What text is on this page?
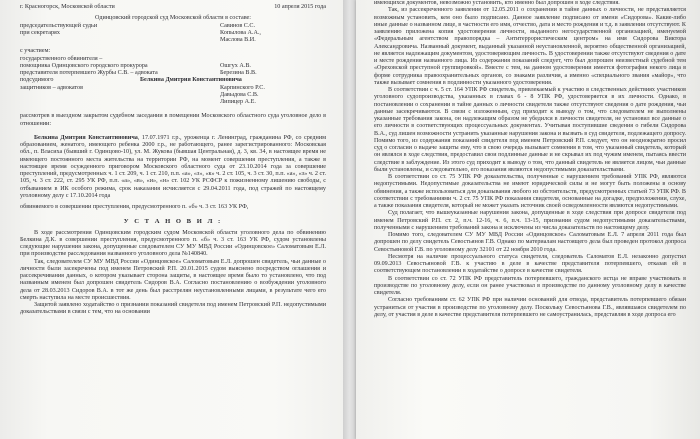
г. Красногорск, Московской области	10 апреля 2015 года
Одинцовский городской суд Московской области в составе:
председательствующей судьи	Савинов С.С.
при секретарях	Копылова А.А.,
Маслова В.И.
с участием:
государственного обвинителя –
помощника Одинцовского городского прокурора	Ошгух А.В.
представителя потерпевшего Журбы С.В. – адвоката	Березина В.В.
подсудимого	Белкина Дмитрия Константиновича
защитников – адвокатов	Карпинского Р.С.
Давыдова С.В.
Липицер А.Е.
рассмотрев в выездном закрытом судебном заседании в помещении Московского областного суда уголовное дело в отношении:
Белкина Дмитрия Константиновича, 17.07.1971 г.р., уроженца г. Ленинград, гражданина РФ, со средним образованием, женатого, имеющего ребенка 2000 г.р., не работающего, ранее зарегистрированного: Московская обл., п. Власиха (бывший г. Одинцово-10), ул. М. Жукова (бывшая Центральная), д. 3, кв. 34, в настоящее время не имеющего постоянного места жительства на территории РФ, на момент совершения преступления, а также в настоящее время осужденного приговором Московского областного суда от 23.10.2014 года за совершение преступлений, предусмотренных ч. 1 ст. 209, ч. 1 ст. 210, п.п. «а», «з», «к» ч. 2 ст. 105, ч. 3 ст. 30, п.п. «а», «з» ч. 2 ст. 105, ч. 3 ст. 222, ст. 295 УК РФ, п.п. «а», «в», «и», «н» ст. 102 УК РСФСР к пожизненному лишению свободы, с отбыванием в ИК особого режима, срок наказания исчисляется с 29.04.2011 года, под стражей по настоящему уголовному делу с 17.10.2014 года
обвиняемого в совершении преступления, предусмотренного п. «б» ч. 3 ст. 163 УК РФ,
У С Т А Н О В И Л :
В ходе рассмотрения Одинцовским городским судом Московской области уголовного дела по обвинению Белкина Д.К. в совершении преступления, предусмотренного п. «б» ч. 3 ст. 163 УК РФ, судом установлены следующие нарушения закона, допущенные следователем СУ МУ МВД России «Одинцовское» Саломатовым Е.Л. при производстве расследования названного уголовного дела №140840.
Так, следователем СУ МУ МВД России «Одинцовское» Саломатовым Е.Л. допрошен свидетель, чьи данные о личности были засекречены под именем Петровский Р.П. 20.01.2015 судом выяснено посредством оглашения и рассекречивания данных, о котором указывает сторона защиты, в настоящее время было то установлено, что под названным именем был допрошен свидетель Сидоров В.А. Согласно постановлению о возбуждении уголовного дела от 28.03.2013 Сидоров В.А. в тот же день был расстрелян неустановленными лицами, в результате чего его смерть наступила на месте происшествия.
Защитой заявлено ходатайство о признании показаний свидетеля под именем Петровский Р.П. недопустимыми доказательствами в связи с тем, что на основании
имеющихся документов, невозможно установить, кто именно был допрошен в ходе следствия.
Так, из рассекреченного заявления от 12.05.2011 о сохранении в тайне данных о личности, не представляется возможным установить, кем оно было подписано. Данное заявление подписано от имени «Сидорова». Какие-либо иные данные о названном лице, в частности его имя, отчество, дата и место рождения и т.д. в заявлении отсутствуют. К заявлению приложена копия удостоверения личности, выданного негосударственной организацией, именуемой «Федеральным агентством правопорядка – Антитеррористическим центром» на имя Сидорова Виктора Александровича. Названный документ, выданный указанной неустановленной, вероятно общественной организацией, не является надлежащим документом, удостоверяющим личность. В удостоверении также отсутствуют сведения о дате и месте рождения названного лица. Из содержания показаний следует, что был допрошен неизвестный судебной тем «Ореховской преступной группировкой». Вместе с тем, на данном удостоверении имеется фотография некого лица в форме сотрудника правоохранительных органов, со знаками различия, а именно «специального звания «майор», что также вызывает сомнения в подлинности указанного удостоверения.
В соответствии с ч. 5 ст. 164 УПК РФ свидетель, привлекаемый к участию в следственных действиях участников уголовного судопроизводства, указанных в главах 6 - 8 УПК РФ, удостоверяется в их личности. Однако, в постановлении о сохранении в тайне данных о личности свидетеля также отсутствуют сведения о дате рождения, чьи данные засекречиваются. В связи с изложенным, суд приходит к выводу о том, что следователем не выполнены указанные требования закона, он надлежащим образом не убедился в личности свидетеля, не установил все данные о его личности в соответствующих процессуальных документах. Учитывая поступившие сведения о гибели Сидорова В.А., суд лишен возможности устранить указанные нарушения закона и вызвать в суд свидетеля, подлежащего допросу. Помимо того, из содержания показаний свидетеля под именем Петровский Р.П. следует, что он неоднократно просил суд о согласии о выдаче защиты ему, что в свою очередь вызывает сомнения в том, что указанный свидетель, который он являлся в ходе следствия, предоставил свои подлинные данные и не скрывал их под чужим именем, пытаясь ввести следствие в заблуждение. Из этого суд приходит к выводу о том, что данный свидетель не является лицом, чьи данные были установлены, и следовательно, его показания являются недопустимыми доказательствами.
В соответствии со ст. 75 УПК РФ доказательства, полученные с нарушением требований УПК РФ, являются недопустимыми. Недопустимые доказательства не имеют юридической силы и не могут быть положены в основу обвинения, а также использоваться для доказывания любого из обстоятельств, предусмотренных статьей 73 УПК РФ. В соответствии с требованиями ч. 2 ст. 75 УПК РФ показания свидетеля, основанные на догадке, предположении, слухе, а также показания свидетеля, который не может указать источник своей осведомленности являются недопустимыми.
Суд полагает, что вышеуказанные нарушения закона, допущенные в ходе следствия при допросе свидетеля под именем Петровский Р.П. ст. 2, п.ч. 12-16, ч. 6, п.ч. 13-15, признания судом недопустимыми доказательствами, полученными с нарушением требований закона и исключены из числа доказательств по настоящему делу.
Помимо того, следователем СУ МУ МВД России «Одинцовское» Саломатовым Е.Л. 7 апреля 2011 года был допрошен по делу свидетель Севостьянов Г.В. Однако по материалам настоящего дела был проведен протокол допроса Севостьяновой Г.В. по уголовному делу 32101 от 22 ноября 2010 года.
Несмотря на наличие процессуального статуса свидетеля, следователь Саломатов Е.Л. незаконно допустил 09.09.2013 Севостьяновой Г.В. к участию в деле в качестве представителя потерпевшего, отказав ей в соответствующем постановлении в ходатайстве о допросе в качестве свидетеля.
В соответствии со ст. 72 УПК РФ представитель потерпевшего, гражданского истца не вправе участвовать в производстве по уголовному делу, если он ранее участвовал в производстве по данному уголовному делу в качестве свидетеля.
Согласно требованиям ст. 62 УПК РФ при наличии оснований для отвода, представитель потерпевшего обязан устраниться от участия в производстве по уголовному делу. Поскольку Севостьянова Г.В., являвшаяся свидетелем по делу, от участия в деле в качестве представителя потерпевшего не самоустранилась, представляя в ходе допроса его
